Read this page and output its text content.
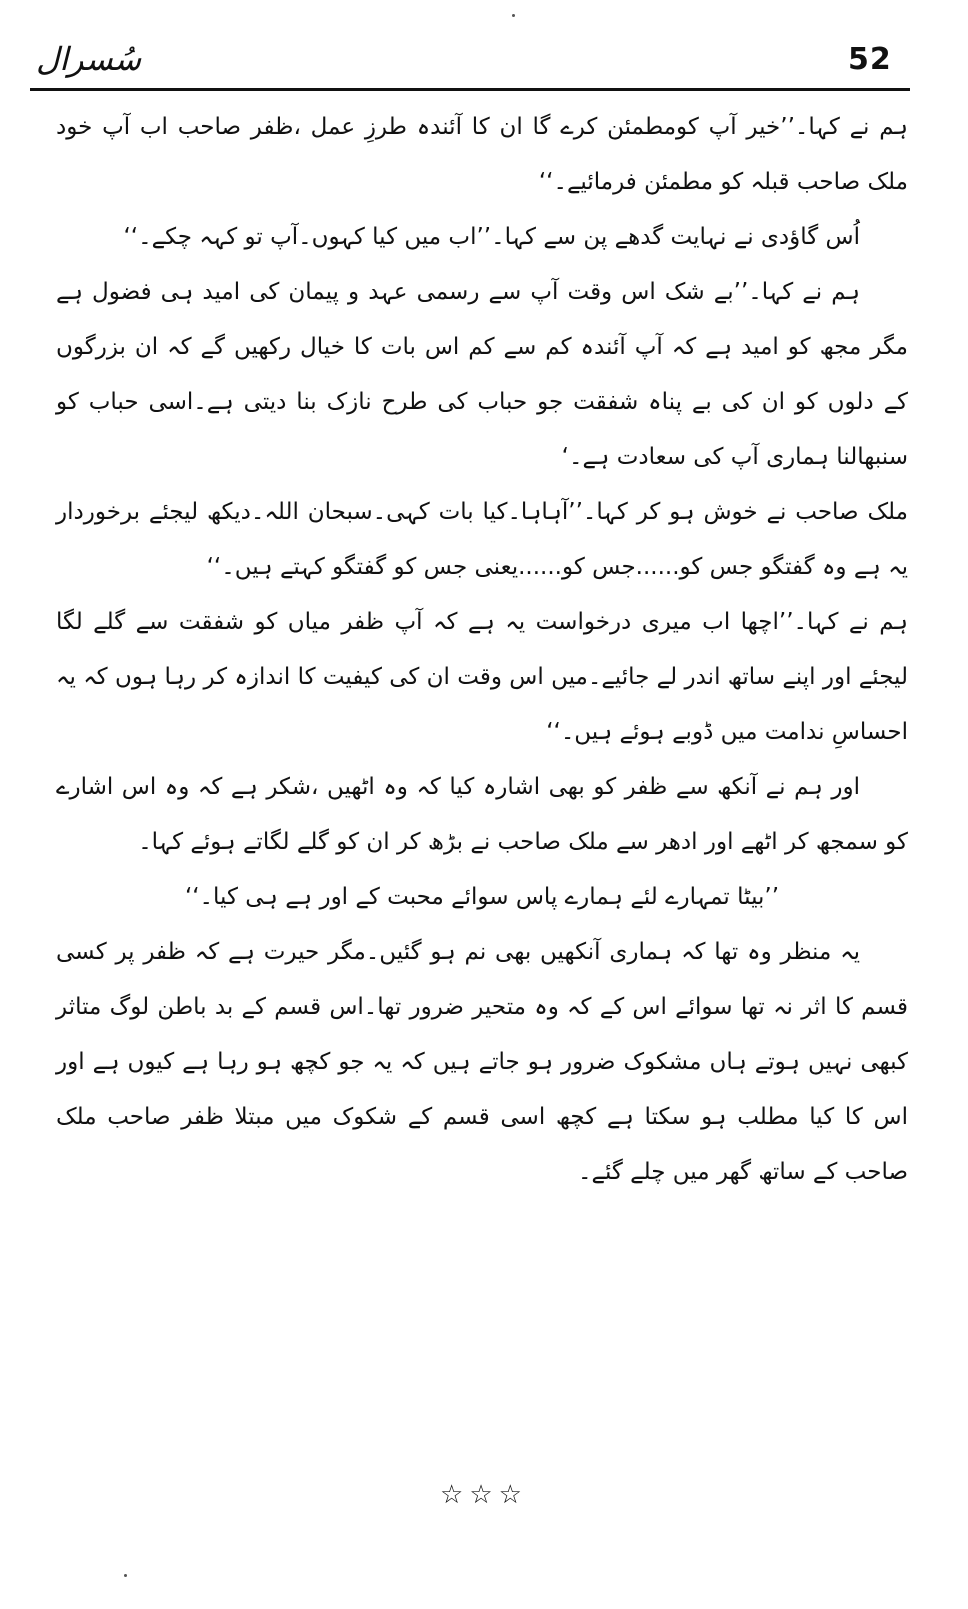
سُسرال	52

ہم نے کہا۔’’خیر آپ کومطمئن کرے گا ان کا آئندہ طرزِ عمل ،ظفر صاحب اب آپ خود ملک صاحب قبلہ کو مطمئن فرمائیے۔‘‘

اُس گاؤدی نے نہایت گدھے پن سے کہا۔’’اب میں کیا کہوں۔آپ تو کہہ چکے۔‘‘

ہم نے کہا۔’’بے شک اس وقت آپ سے رسمی عہد و پیمان کی امید ہی فضول ہے مگر مجھ کو امید ہے کہ آپ آئندہ کم سے کم اس بات کا خیال رکھیں گے کہ ان بزرگوں کے دلوں کو ان کی بے پناہ شفقت جو حباب کی طرح نازک بنا دیتی ہے۔اسی حباب کو سنبھالنا ہماری آپ کی سعادت ہے۔‘

ملک صاحب نے خوش ہو کر کہا۔’’آہاہا۔کیا بات کہی۔سبحان اللہ۔دیکھ لیجئے برخوردار یہ ہے وہ گفتگو جس کو......جس کو......یعنی جس کو گفتگو کہتے ہیں۔‘‘

ہم نے کہا۔’’اچھا اب میری درخواست یہ ہے کہ آپ ظفر میاں کو شفقت سے گلے لگا لیجئے اور اپنے ساتھ اندر لے جائیے۔میں اس وقت ان کی کیفیت کا اندازہ کر رہا ہوں کہ یہ احساسِ ندامت میں ڈوبے ہوئے ہیں۔‘‘

اور ہم نے آنکھ سے ظفر کو بھی اشارہ کیا کہ وہ اٹھیں ،شکر ہے کہ وہ اس اشارے کو سمجھ کر اٹھے اور ادھر سے ملک صاحب نے بڑھ کر ان کو گلے لگاتے ہوئے کہا۔

’’بیٹا تمہارے لئے ہمارے پاس سوائے محبت کے اور ہے ہی کیا۔‘‘

یہ منظر وہ تھا کہ ہماری آنکھیں بھی نم ہو گئیں۔مگر حیرت ہے کہ ظفر پر کسی قسم کا اثر نہ تھا سوائے اس کے کہ وہ متحیر ضرور تھا۔اس قسم کے بد باطن لوگ متاثر کبھی نہیں ہوتے ہاں مشکوک ضرور ہو جاتے ہیں کہ یہ جو کچھ ہو رہا ہے کیوں ہے اور اس کا کیا مطلب ہو سکتا ہے کچھ اسی قسم کے شکوک میں مبتلا ظفر صاحب ملک صاحب کے ساتھ گھر میں چلے گئے۔

☆☆☆
